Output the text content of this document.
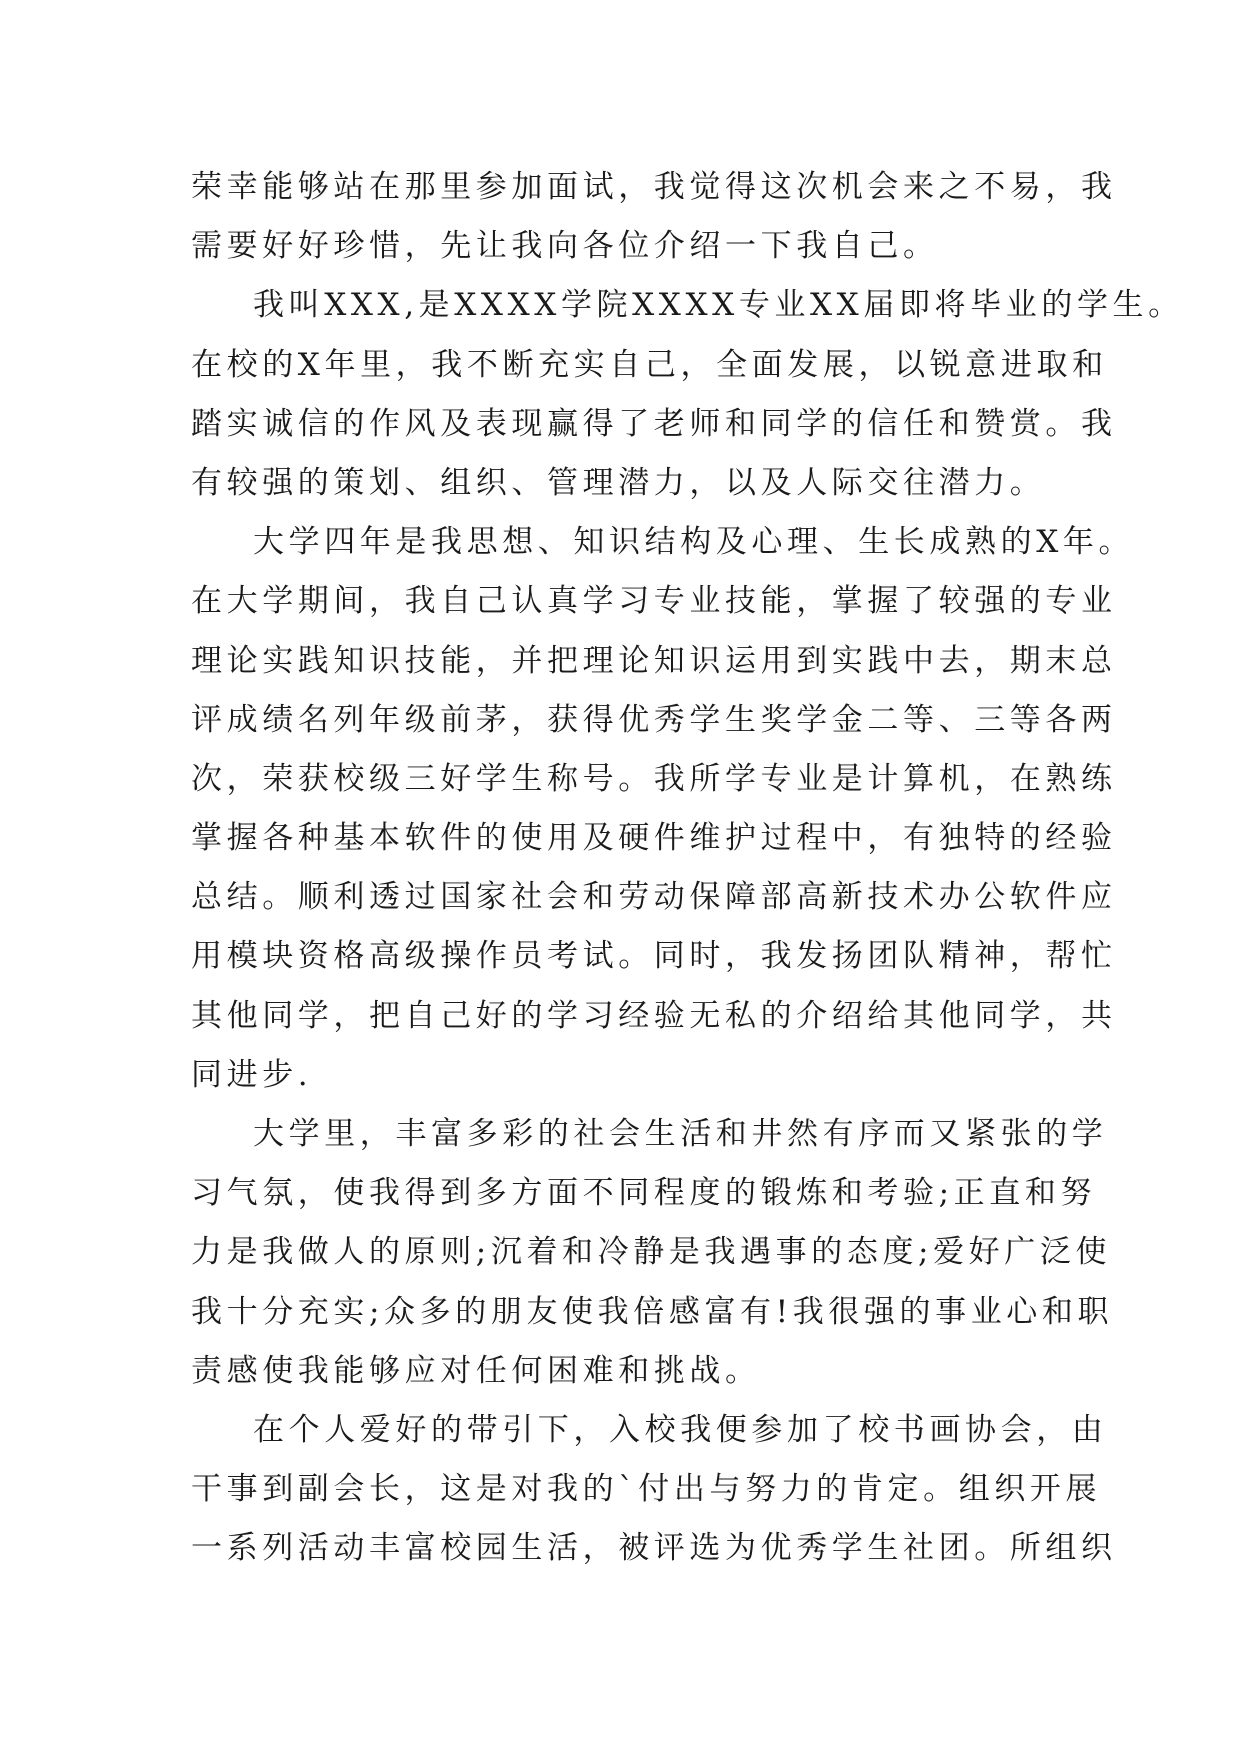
荣幸能够站在那里参加面试，我觉得这次机会来之不易，我
需要好好珍惜，先让我向各位介绍一下我自己。
我叫XXX,是XXXX学院XXXX专业XX届即将毕业的学生。
在校的X年里，我不断充实自己，全面发展，以锐意进取和
踏实诚信的作风及表现赢得了老师和同学的信任和赞赏。我
有较强的策划、组织、管理潜力，以及人际交往潜力。
大学四年是我思想、知识结构及心理、生长成熟的X年。
在大学期间，我自己认真学习专业技能，掌握了较强的专业
理论实践知识技能，并把理论知识运用到实践中去，期末总
评成绩名列年级前茅，获得优秀学生奖学金二等、三等各两
次，荣获校级三好学生称号。我所学专业是计算机，在熟练
掌握各种基本软件的使用及硬件维护过程中，有独特的经验
总结。顺利透过国家社会和劳动保障部高新技术办公软件应
用模块资格高级操作员考试。同时，我发扬团队精神，帮忙
其他同学，把自己好的学习经验无私的介绍给其他同学，共
同进步.
大学里，丰富多彩的社会生活和井然有序而又紧张的学
习气氛，使我得到多方面不同程度的锻炼和考验;正直和努
力是我做人的原则;沉着和冷静是我遇事的态度;爱好广泛使
我十分充实;众多的朋友使我倍感富有!我很强的事业心和职
责感使我能够应对任何困难和挑战。
在个人爱好的带引下，入校我便参加了校书画协会，由
干事到副会长，这是对我的`付出与努力的肯定。组织开展
一系列活动丰富校园生活，被评选为优秀学生社团。所组织
